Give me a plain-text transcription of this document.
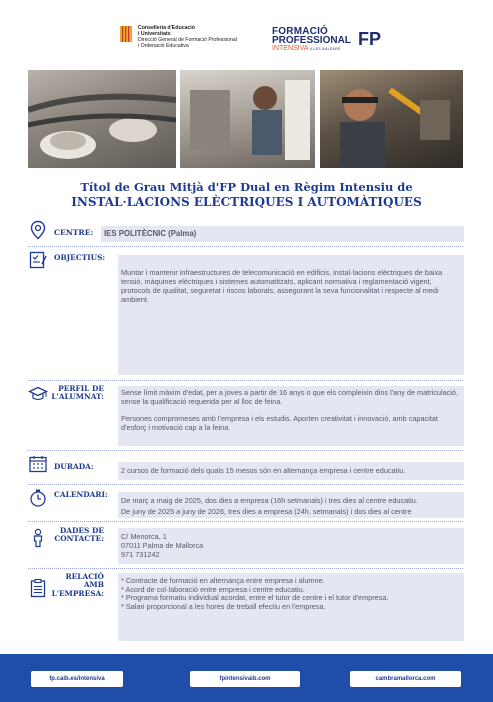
Conselleria d'Educació
i Universitats
Direcció General de Formació Professional
i Ordenació Educativa
FORMACIÓ
PROFESSIONAL
INTENSIVA ILLES BALEARS FP
Títol de Grau Mitjà d'FP Dual en Règim Intensiu de
INSTAL·LACIONS ELÈCTRIQUES I AUTOMÀTIQUES
CENTRE:	IES POLITÈCNIC (Palma)
OBJECTIUS:

Muntar i mantenir infraestructures de telecomunicació en edificis, instal·lacions elèctriques de baixa tensió, màquines elèctriques i sistemes automatitzats, aplicant normativa i reglamentació vigent, protocols de qualitat, seguretat i riscos laborals, assegurant la seva funcionalitat i respecte al medi ambient.

PERFIL DE
L'ALUMNAT: Sense límit màxim d'edat, per a joves a partir de 16 anys o que els compleixin dins l'any de matriculació, sense la qualificació requerida per al lloc de feina.

Persones compromeses amb l'empresa i els estudis. Aporten creativitat i innovació, amb capacitat d'esforç i motivació cap a la feina.

DURADA:	2 cursos de formació dels quals 15 mesos són en alternança empresa i centre educatiu.
CALENDARI:

De març a maig de 2025, dos dies a empresa (16h setmanals) i tres dies al centre educatiu.

De juny de 2025 a juny de 2026, tres dies a empresa (24h. setmanals) i dos dies al centre

DADES DE
CONTACTE: C/ Menorca, 1

07011 Palma de Mallorca

971 731242

RELACIÓ
AMB
L'EMPRESA:

* Contracte de formació en alternança entre empresa i alumne.

* Acord de col·laboració entre empresa i centre educatiu.

* Programa formatiu individual acordat, entre el tutor de centre i el tutor d'empresa.

* Salari proporcional a les hores de treball efectiu en l'empresa.

fp.caib.es/intensiva	fpintensivaib.com	cambramallorca.com
